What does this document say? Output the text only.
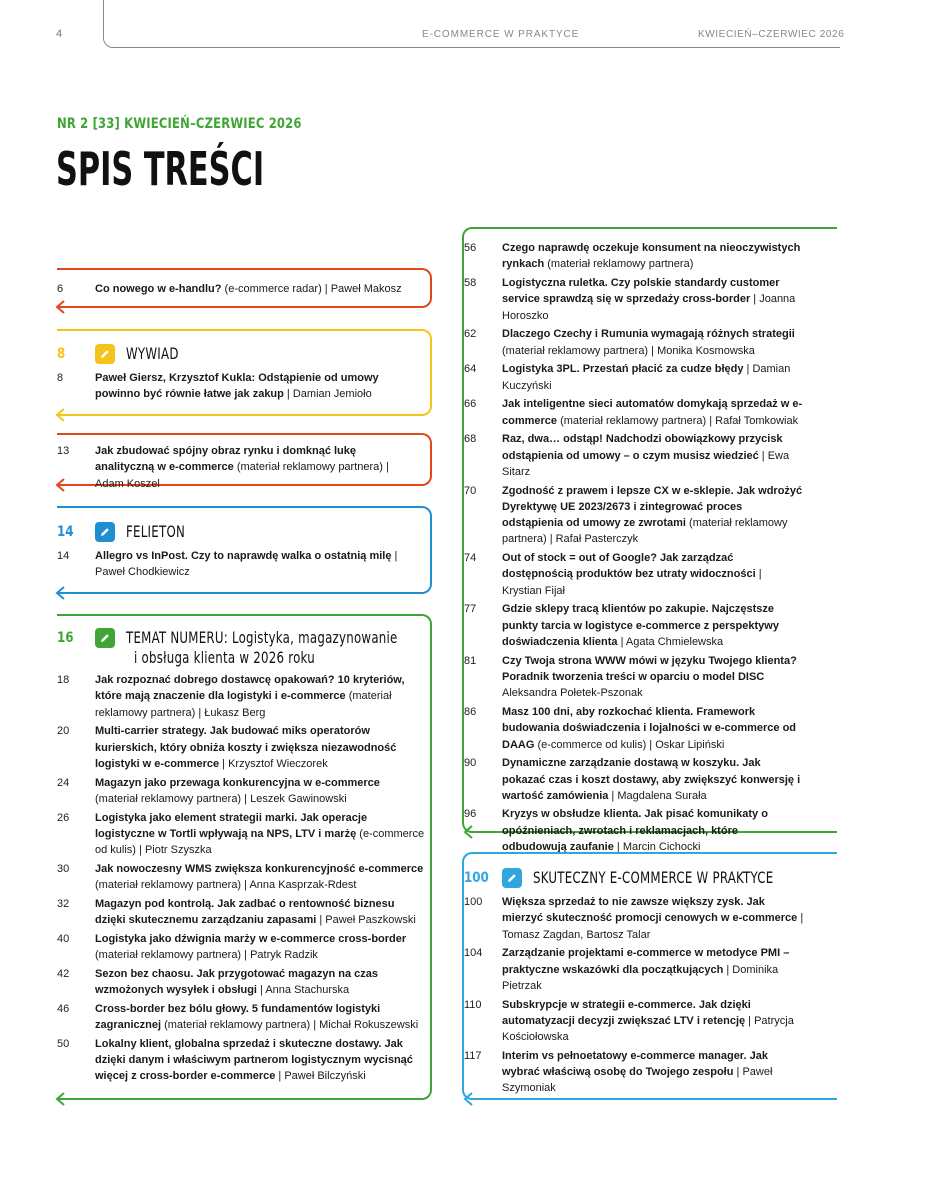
4	E-COMMERCE W PRAKTYCE	KWIECIEŃ–CZERWIEC 2026
NR 2 [33] KWIECIEŃ–CZERWIEC 2026
SPIS TREŚCI
6	Co nowego w e-handlu? (e-commerce radar) | Paweł Makosz
8	WYWIAD
8	Paweł Giersz, Krzysztof Kukla: Odstąpienie od umowy powinno być równie łatwe jak zakup | Damian Jemioło
13	Jak zbudować spójny obraz rynku i domknąć lukę analityczną w e-commerce (materiał reklamowy partnera) | Adam Koszel
14	FELIETON
14	Allegro vs InPost. Czy to naprawdę walka o ostatnią milę | Paweł Chodkiewicz
16	TEMAT NUMERU: Logistyka, magazynowanie
i obsługa klienta w 2026 roku
18	Jak rozpoznać dobrego dostawcę opakowań? 10 kryteriów, które mają znaczenie dla logistyki i e-commerce (materiał reklamowy partnera) | Łukasz Berg
20	Multi-carrier strategy. Jak budować miks operatorów kurierskich, który obniża koszty i zwiększa niezawodność logistyki w e-commerce | Krzysztof Wieczorek
24	Magazyn jako przewaga konkurencyjna w e-commerce (materiał reklamowy partnera) | Leszek Gawinowski
26	Logistyka jako element strategii marki. Jak operacje logistyczne w Tortli wpływają na NPS, LTV i marżę (e-commerce od kulis) | Piotr Szyszka
30	Jak nowoczesny WMS zwiększa konkurencyjność e-commerce (materiał reklamowy partnera) | Anna Kasprzak-Rdest
32	Magazyn pod kontrolą. Jak zadbać o rentowność biznesu dzięki skutecznemu zarządzaniu zapasami | Paweł Paszkowski
40	Logistyka jako dźwignia marży w e-commerce cross-border (materiał reklamowy partnera) | Patryk Radzik
42	Sezon bez chaosu. Jak przygotować magazyn na czas wzmożonych wysyłek i obsługi | Anna Stachurska
46	Cross-border bez bólu głowy. 5 fundamentów logistyki zagranicznej (materiał reklamowy partnera) | Michał Rokuszewski
50	Lokalny klient, globalna sprzedaż i skuteczne dostawy. Jak dzięki danym i właściwym partnerom logistycznym wycisnąć więcej z cross-border e-commerce | Paweł Bilczyński
56	Czego naprawdę oczekuje konsument na nieoczywistych rynkach (materiał reklamowy partnera)
58	Logistyczna ruletka. Czy polskie standardy customer service sprawdzą się w sprzedaży cross-border | Joanna Horoszko
62	Dlaczego Czechy i Rumunia wymagają różnych strategii (materiał reklamowy partnera) | Monika Kosmowska
64	Logistyka 3PL. Przestań płacić za cudze błędy | Damian Kuczyński
66	Jak inteligentne sieci automatów domykają sprzedaż w e-commerce (materiał reklamowy partnera) | Rafał Tomkowiak
68	Raz, dwa… odstąp! Nadchodzi obowiązkowy przycisk odstąpienia od umowy – o czym musisz wiedzieć | Ewa Sitarz
70	Zgodność z prawem i lepsze CX w e-sklepie. Jak wdrożyć Dyrektywę UE 2023/2673 i zintegrować proces odstąpienia od umowy ze zwrotami (materiał reklamowy partnera) | Rafał Pasterczyk
74	Out of stock = out of Google? Jak zarządzać dostępnością produktów bez utraty widoczności | Krystian Fijał
77	Gdzie sklepy tracą klientów po zakupie. Najczęstsze punkty tarcia w logistyce e-commerce z perspektywy doświadczenia klienta | Agata Chmielewska
81	Czy Twoja strona WWW mówi w języku Twojego klienta? Poradnik tworzenia treści w oparciu o model DISC
Aleksandra Połetek-Pszonak
86	Masz 100 dni, aby rozkochać klienta. Framework budowania doświadczenia i lojalności w e-commerce od DAAG (e-commerce od kulis) | Oskar Lipiński
90	Dynamiczne zarządzanie dostawą w koszyku. Jak pokazać czas i koszt dostawy, aby zwiększyć konwersję i wartość zamówienia | Magdalena Surała
96	Kryzys w obsłudze klienta. Jak pisać komunikaty o opóźnieniach, zwrotach i reklamacjach, które odbudowują zaufanie | Marcin Cichocki
100	SKUTECZNY E-COMMERCE W PRAKTYCE
100	Większa sprzedaż to nie zawsze większy zysk. Jak mierzyć skuteczność promocji cenowych w e-commerce | Tomasz Zagdan, Bartosz Talar
104	Zarządzanie projektami e-commerce w metodyce PMI – praktyczne wskazówki dla początkujących | Dominika Pietrzak
110	Subskrypcje w strategii e-commerce. Jak dzięki automatyzacji decyzji zwiększać LTV i retencję | Patrycja Kościołowska
117	Interim vs pełnoetatowy e-commerce manager. Jak wybrać właściwą osobę do Twojego zespołu | Paweł Szymoniak
